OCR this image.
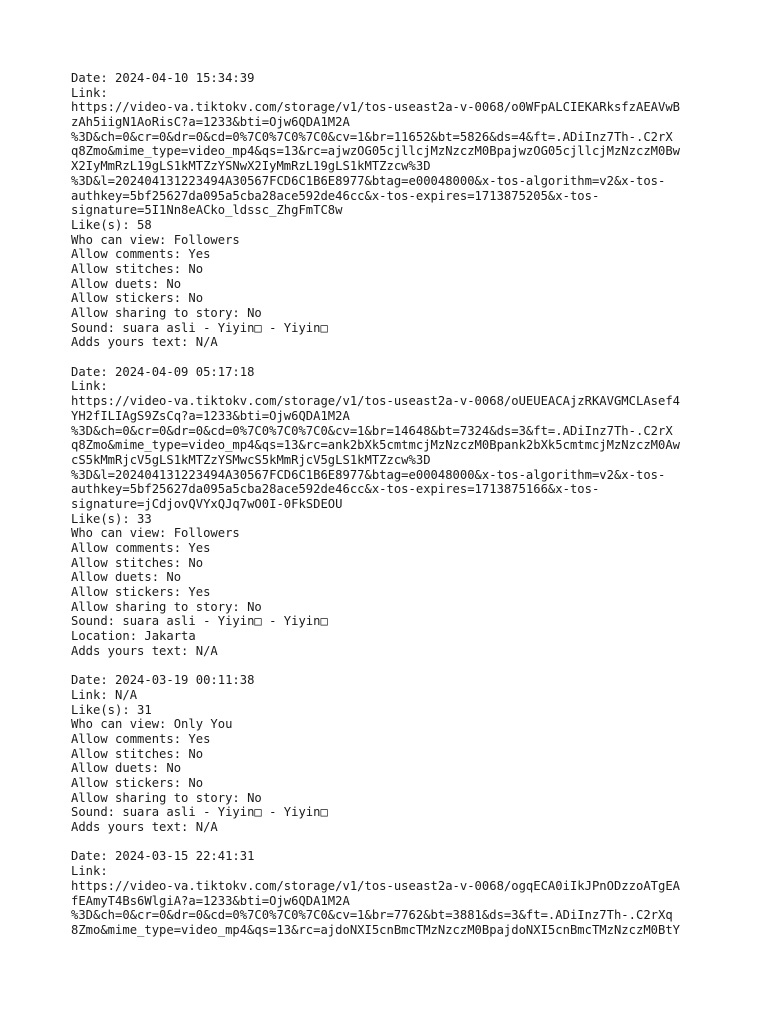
Date: 2024-04-10 15:34:39
Link:
https://video-va.tiktokv.com/storage/v1/tos-useast2a-v-0068/o0WFpALCIEKARksfzAEAVwB
zAh5iigN1AoRisC?a=1233&bti=Ojw6QDA1M2A
%3D&ch=0&cr=0&dr=0&cd=0%7C0%7C0%7C0&cv=1&br=11652&bt=5826&ds=4&ft=.ADiInz7Th-.C2rX
q8Zmo&mime_type=video_mp4&qs=13&rc=ajwzOG05cjllcjMzNzczM0BpajwzOG05cjllcjMzNzczM0Bw
X2IyMmRzL19gLS1kMTZzYSNwX2IyMmRzL19gLS1kMTZzcw%3D
%3D&l=202404131223494A30567FCD6C1B6E8977&btag=e00048000&x-tos-algorithm=v2&x-tos-
authkey=5bf25627da095a5cba28ace592de46cc&x-tos-expires=1713875205&x-tos-
signature=5I1Nn8eACko_ldssc_ZhgFmTC8w
Like(s): 58
Who can view: Followers
Allow comments: Yes
Allow stitches: No
Allow duets: No
Allow stickers: No
Allow sharing to story: No
Sound: suara asli - Yiyin□ - Yiyin□
Adds yours text: N/A
Date: 2024-04-09 05:17:18
Link:
https://video-va.tiktokv.com/storage/v1/tos-useast2a-v-0068/oUEUEACAjzRKAVGMCLAsef4
YH2fILIAgS9ZsCq?a=1233&bti=Ojw6QDA1M2A
%3D&ch=0&cr=0&dr=0&cd=0%7C0%7C0%7C0&cv=1&br=14648&bt=7324&ds=3&ft=.ADiInz7Th-.C2rX
q8Zmo&mime_type=video_mp4&qs=13&rc=ank2bXk5cmtmcjMzNzczM0Bpank2bXk5cmtmcjMzNzczM0Aw
cS5kMmRjcV5gLS1kMTZzYSMwcS5kMmRjcV5gLS1kMTZzcw%3D
%3D&l=202404131223494A30567FCD6C1B6E8977&btag=e00048000&x-tos-algorithm=v2&x-tos-
authkey=5bf25627da095a5cba28ace592de46cc&x-tos-expires=1713875166&x-tos-
signature=jCdjovQVYxQJq7wO0I-0FkSDEOU
Like(s): 33
Who can view: Followers
Allow comments: Yes
Allow stitches: No
Allow duets: No
Allow stickers: Yes
Allow sharing to story: No
Sound: suara asli - Yiyin□ - Yiyin□
Location: Jakarta
Adds yours text: N/A
Date: 2024-03-19 00:11:38
Link: N/A
Like(s): 31
Who can view: Only You
Allow comments: Yes
Allow stitches: No
Allow duets: No
Allow stickers: No
Allow sharing to story: No
Sound: suara asli - Yiyin□ - Yiyin□
Adds yours text: N/A
Date: 2024-03-15 22:41:31
Link:
https://video-va.tiktokv.com/storage/v1/tos-useast2a-v-0068/ogqECA0iIkJPnODzzoATgEA
fEAmyT4Bs6WlgiA?a=1233&bti=Ojw6QDA1M2A
%3D&ch=0&cr=0&dr=0&cd=0%7C0%7C0%7C0&cv=1&br=7762&bt=3881&ds=3&ft=.ADiInz7Th-.C2rXq
8Zmo&mime_type=video_mp4&qs=13&rc=ajdoNXI5cnBmcTMzNzczM0BpajdoNXI5cnBmcTMzNzczM0BtY
